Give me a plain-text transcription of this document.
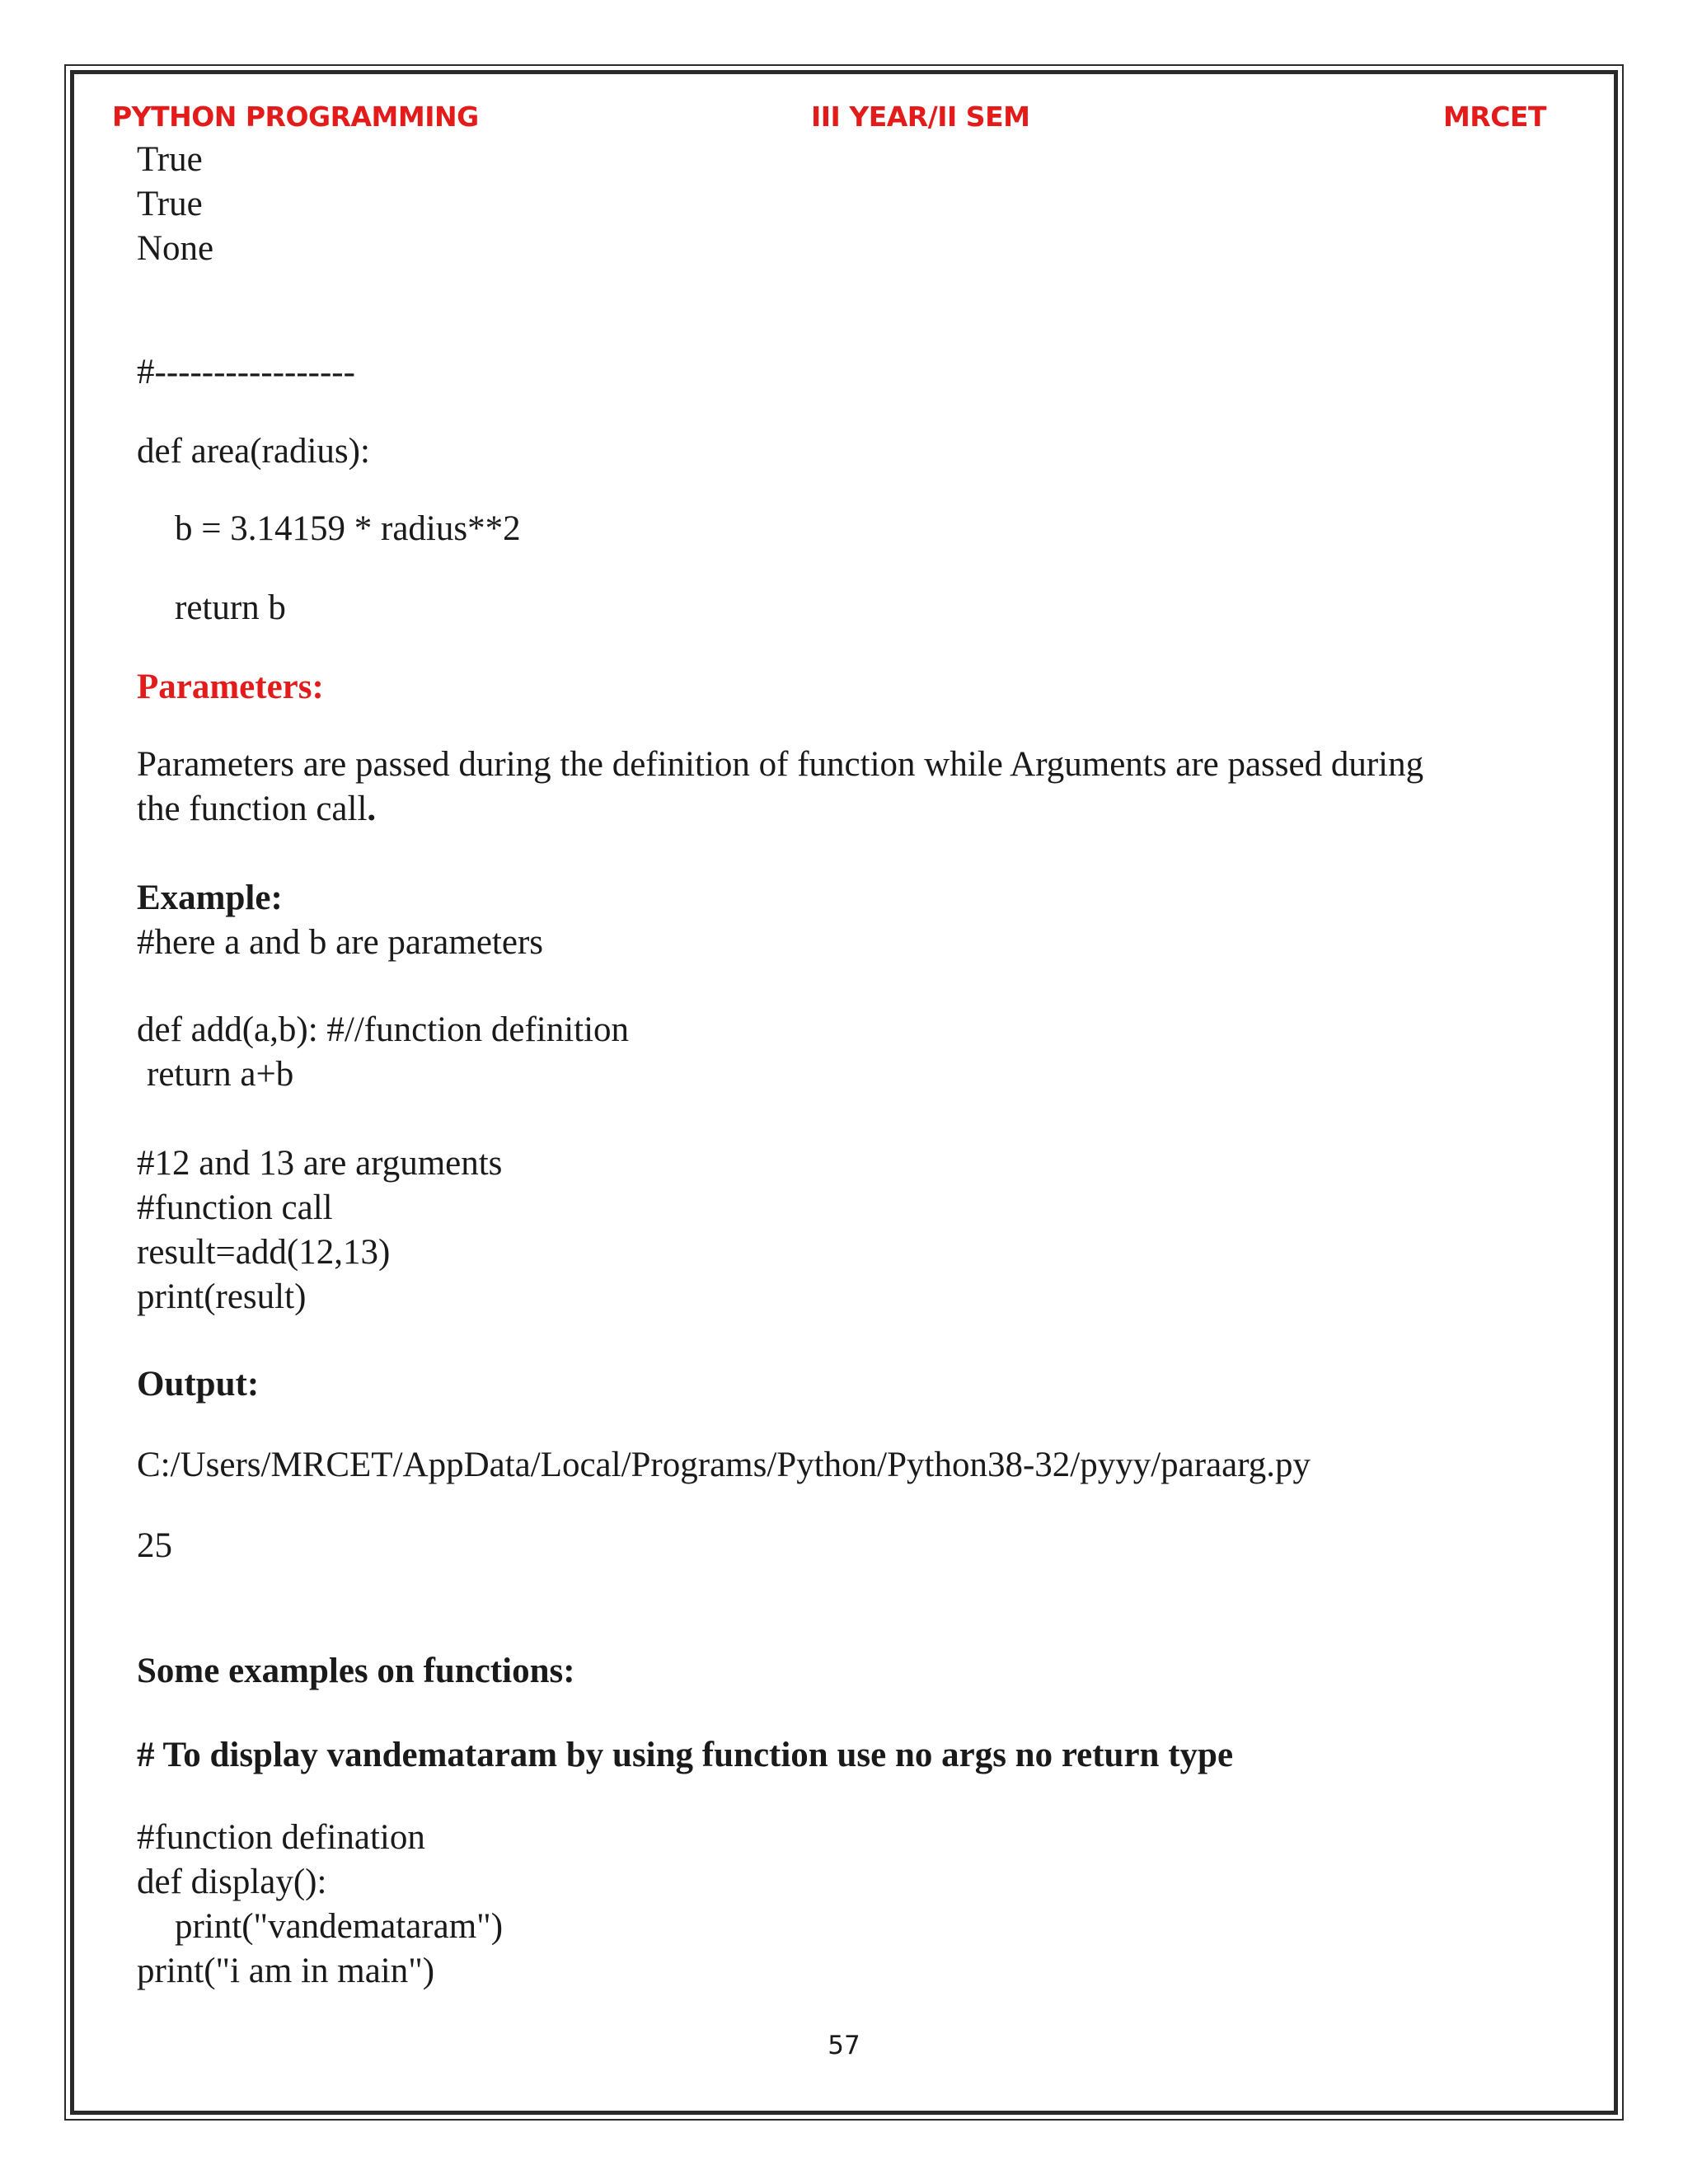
PYTHON PROGRAMMING	III YEAR/II SEM	MRCET
True
True
None
#-----------------
def area(radius):
b = 3.14159 * radius**2
return b
Parameters:
Parameters are passed during the definition of function while Arguments are passed during
the function call.
Example:
#here a and b are parameters
def add(a,b): #//function definition
return a+b
#12 and 13 are arguments
#function call
result=add(12,13)
print(result)
Output:
C:/Users/MRCET/AppData/Local/Programs/Python/Python38-32/pyyy/paraarg.py
25
Some examples on functions:
# To display vandemataram by using function use no args no return type
#function defination
def display():
print("vandemataram")
print("i am in main")
57
